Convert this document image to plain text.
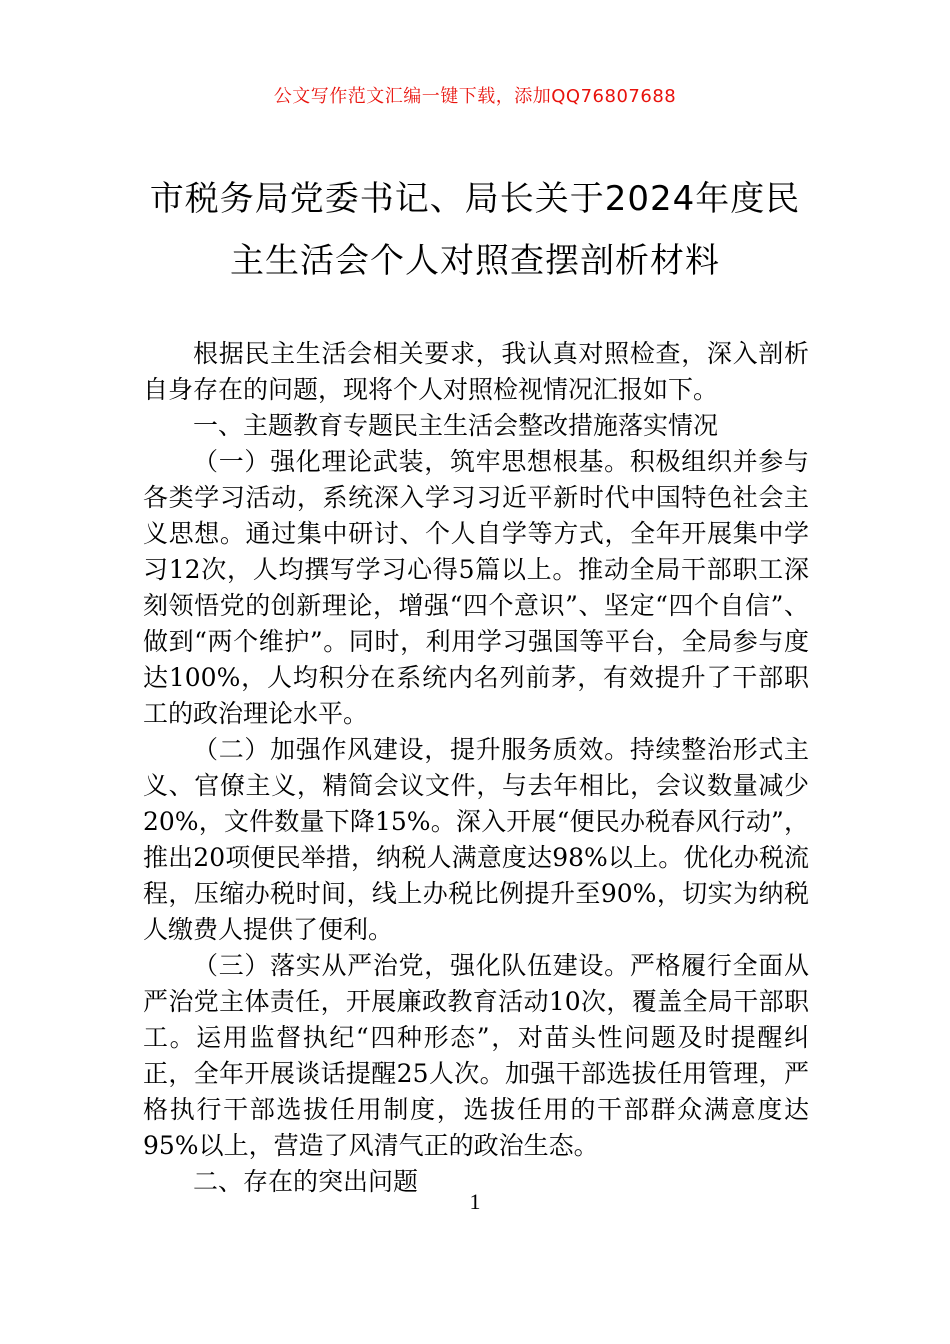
公文写作范文汇编一键下载，添加QQ76807688
市税务局党委书记、局长关于2024年度民
主生活会个人对照查摆剖析材料

根据民主生活会相关要求，我认真对照检查，深入剖析自身存在的问题，现将个人对照检视情况汇报如下。

一、主题教育专题民主生活会整改措施落实情况

（一）强化理论武装，筑牢思想根基。积极组织并参与各类学习活动，系统深入学习习近平新时代中国特色社会主义思想。通过集中研讨、个人自学等方式，全年开展集中学习12次，人均撰写学习心得5篇以上。推动全局干部职工深刻领悟党的创新理论，增强“四个意识”、坚定“四个自信”、做到“两个维护”。同时，利用学习强国等平台，全局参与度达100%，人均积分在系统内名列前茅，有效提升了干部职工的政治理论水平。

（二）加强作风建设，提升服务质效。持续整治形式主义、官僚主义，精简会议文件，与去年相比，会议数量减少20%，文件数量下降15%。深入开展“便民办税春风行动”，推出20项便民举措，纳税人满意度达98%以上。优化办税流程，压缩办税时间，线上办税比例提升至90%，切实为纳税人缴费人提供了便利。

（三）落实从严治党，强化队伍建设。严格履行全面从严治党主体责任，开展廉政教育活动10次，覆盖全局干部职工。运用监督执纪“四种形态”，对苗头性问题及时提醒纠正，全年开展谈话提醒25人次。加强干部选拔任用管理，严格执行干部选拔任用制度，选拔任用的干部群众满意度达95%以上，营造了风清气正的政治生态。

二、存在的突出问题

1
